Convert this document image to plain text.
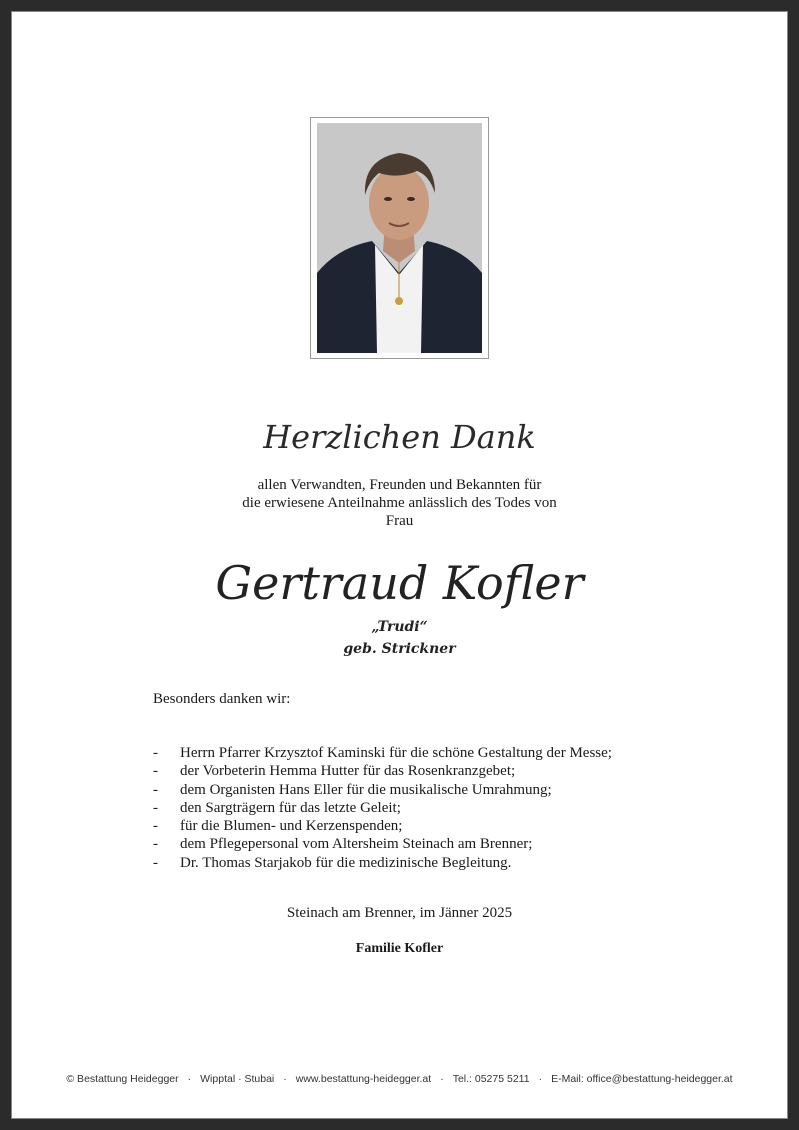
Herzlichen Dank
allen Verwandten, Freunden und Bekannten für
die erwiesene Anteilnahme anlässlich des Todes von
Frau
Gertraud Kofler
„Trudi“
geb. Strickner
Besonders danken wir:
- Herrn Pfarrer Krzysztof Kaminski für die schöne Gestaltung der Messe;
- der Vorbeterin Hemma Hutter für das Rosenkranzgebet;
- dem Organisten Hans Eller für die musikalische Umrahmung;
- den Sargträgern für das letzte Geleit;
- für die Blumen- und Kerzenspenden;
- dem Pflegepersonal vom Altersheim Steinach am Brenner;
- Dr. Thomas Starjakob für die medizinische Begleitung.
Steinach am Brenner, im Jänner 2025
Familie Kofler
© Bestattung Heidegger · Wipptal · Stubai · www.bestattung-heidegger.at · Tel.: 05275 5211 · E-Mail: office@bestattung-heidegger.at
